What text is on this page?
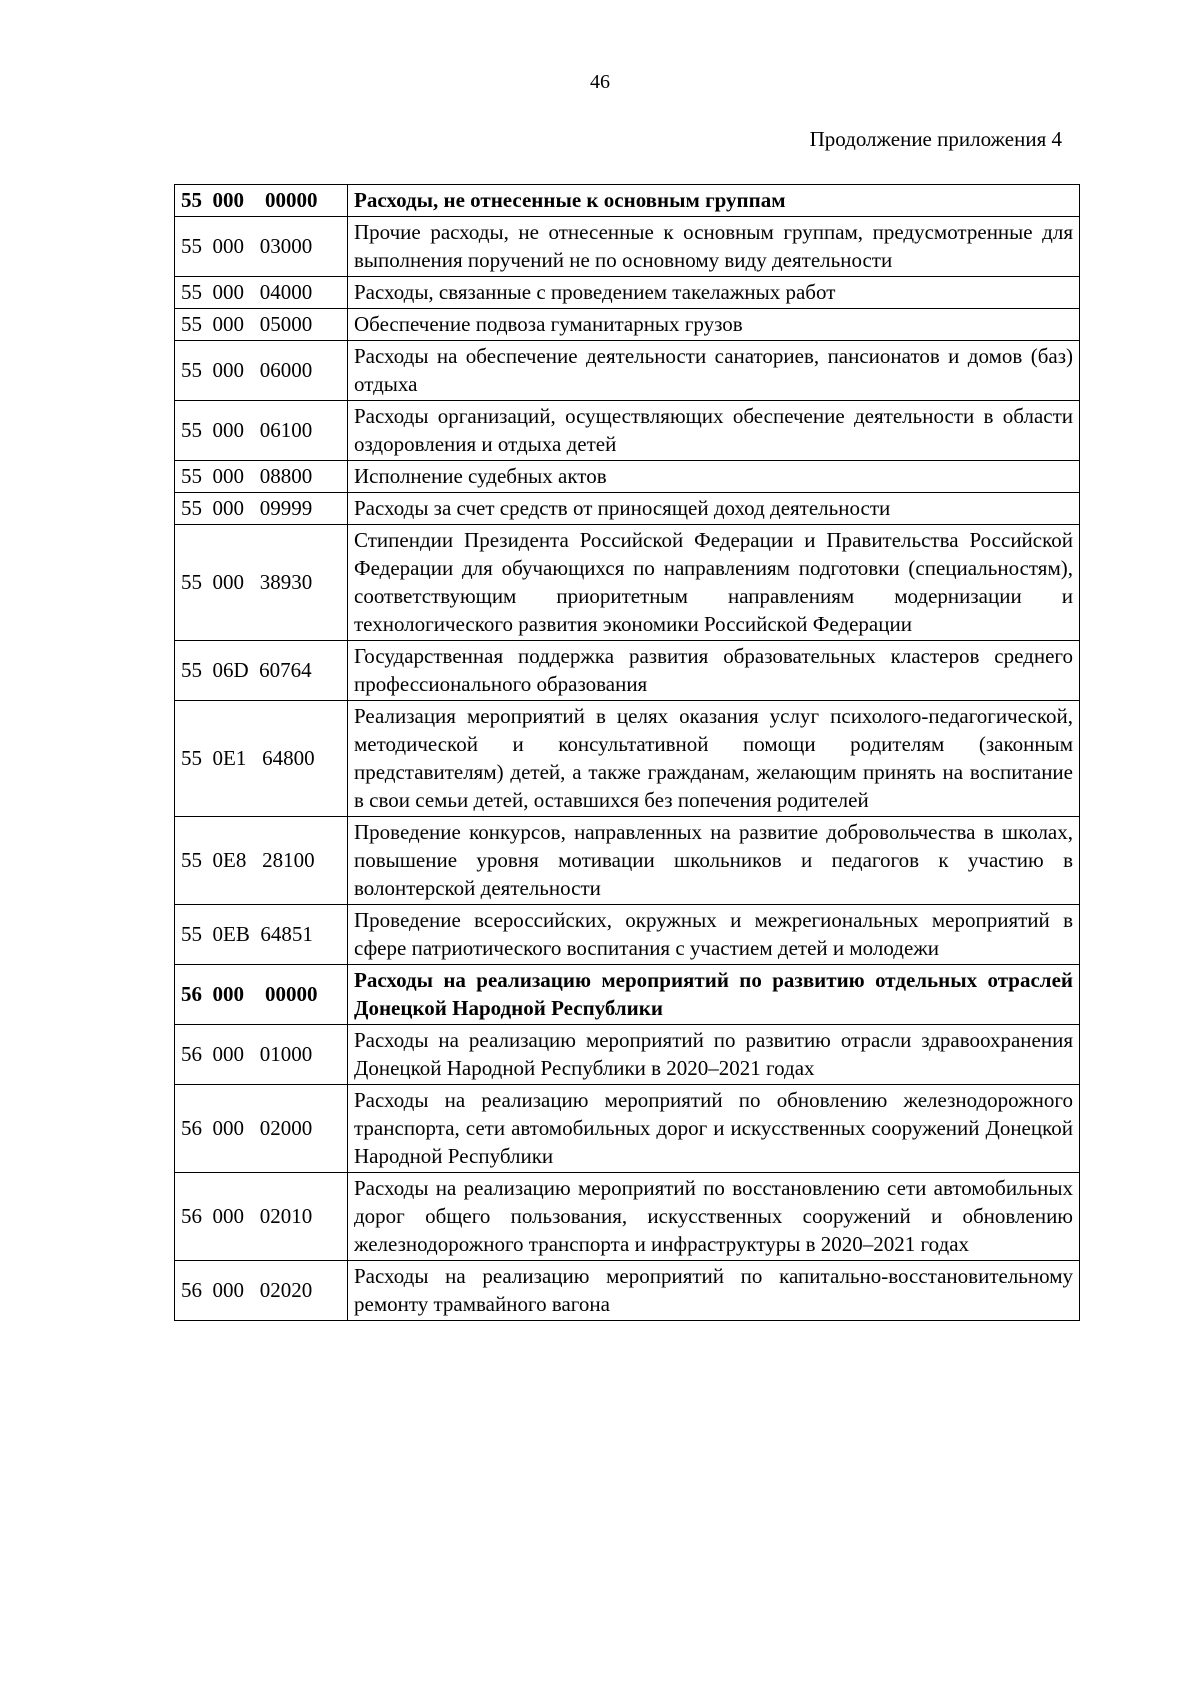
46
Продолжение приложения 4
55  000    00000	Расходы, не отнесенные к основным группам
55  000   03000	Прочие расходы, не отнесенные к основным группам, предусмотренные для выполнения поручений не по основному виду деятельности
55  000   04000	Расходы, связанные с проведением такелажных работ
55  000   05000	Обеспечение подвоза гуманитарных грузов
55  000   06000	Расходы на обеспечение деятельности санаториев, пансионатов и домов (баз) отдыха
55  000   06100	Расходы организаций, осуществляющих обеспечение деятельности в области оздоровления и отдыха детей
55  000   08800	Исполнение судебных актов
55  000   09999	Расходы за счет средств от приносящей доход деятельности
55  000   38930	Стипендии Президента Российской Федерации и Правительства Российской Федерации для обучающихся по направлениям подготовки (специальностям), соответствующим приоритетным направлениям модернизации и технологического развития экономики Российской Федерации
55  06D  60764	Государственная поддержка развития образовательных кластеров среднего профессионального образования
55  0E1   64800	Реализация мероприятий в целях оказания услуг психолого-педагогической, методической и консультативной помощи родителям (законным представителям) детей, а также гражданам, желающим принять на воспитание в свои семьи детей, оставшихся без попечения родителей
55  0E8   28100	Проведение конкурсов, направленных на развитие добровольчества в школах, повышение уровня мотивации школьников и педагогов к участию в волонтерской деятельности
55  0EB  64851	Проведение всероссийских, окружных и межрегиональных мероприятий в сфере патриотического воспитания с участием детей и молодежи
56  000    00000	Расходы на реализацию мероприятий по развитию отдельных отраслей Донецкой Народной Республики
56  000   01000	Расходы на реализацию мероприятий по развитию отрасли здравоохранения Донецкой Народной Республики в 2020–2021 годах
56  000   02000	Расходы на реализацию мероприятий по обновлению железнодорожного транспорта, сети автомобильных дорог и искусственных сооружений Донецкой Народной Республики
56  000   02010	Расходы на реализацию мероприятий по восстановлению сети автомобильных дорог общего пользования, искусственных сооружений и обновлению железнодорожного транспорта и инфраструктуры в 2020–2021 годах
56  000   02020	Расходы на реализацию мероприятий по капитально-восстановительному ремонту трамвайного вагона
